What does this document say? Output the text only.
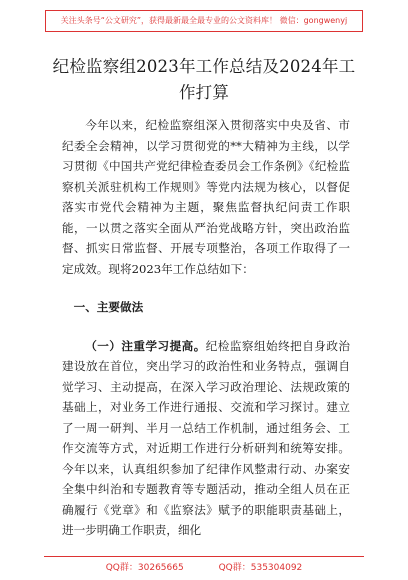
关注头条号“公文研究”，获得最新最全最专业的公文资料库！ 微信：gongwenyj
纪检监察组2023年工作总结及2024年工作打算

今年以来，纪检监察组深入贯彻落实中央及省、市纪委全会精神，以学习贯彻党的**大精神为主线，以学习贯彻《中国共产党纪律检查委员会工作条例》《纪检监察机关派驻机构工作规则》等党内法规为核心，以督促落实市党代会精神为主题，聚焦监督执纪问责工作职能，一以贯之落实全面从严治党战略方针，突出政治监督、抓实日常监督、开展专项整治，各项工作取得了一定成效。现将2023年工作总结如下：

一、主要做法

（一）注重学习提高。纪检监察组始终把自身政治建设放在首位，突出学习的政治性和业务特点，强调自觉学习、主动提高，在深入学习政治理论、法规政策的基础上，对业务工作进行通报、交流和学习探讨。建立了一周一研判、半月一总结工作机制，通过组务会、工作交流等方式，对近期工作进行分析研判和统筹安排。今年以来，认真组织参加了纪律作风整肃行动、办案安全集中纠治和专题教育等专题活动，推动全组人员在正确履行《党章》和《监察法》赋予的职能职责基础上，进一步明确工作职责，细化

QQ群：30265665	QQ群：535304092
